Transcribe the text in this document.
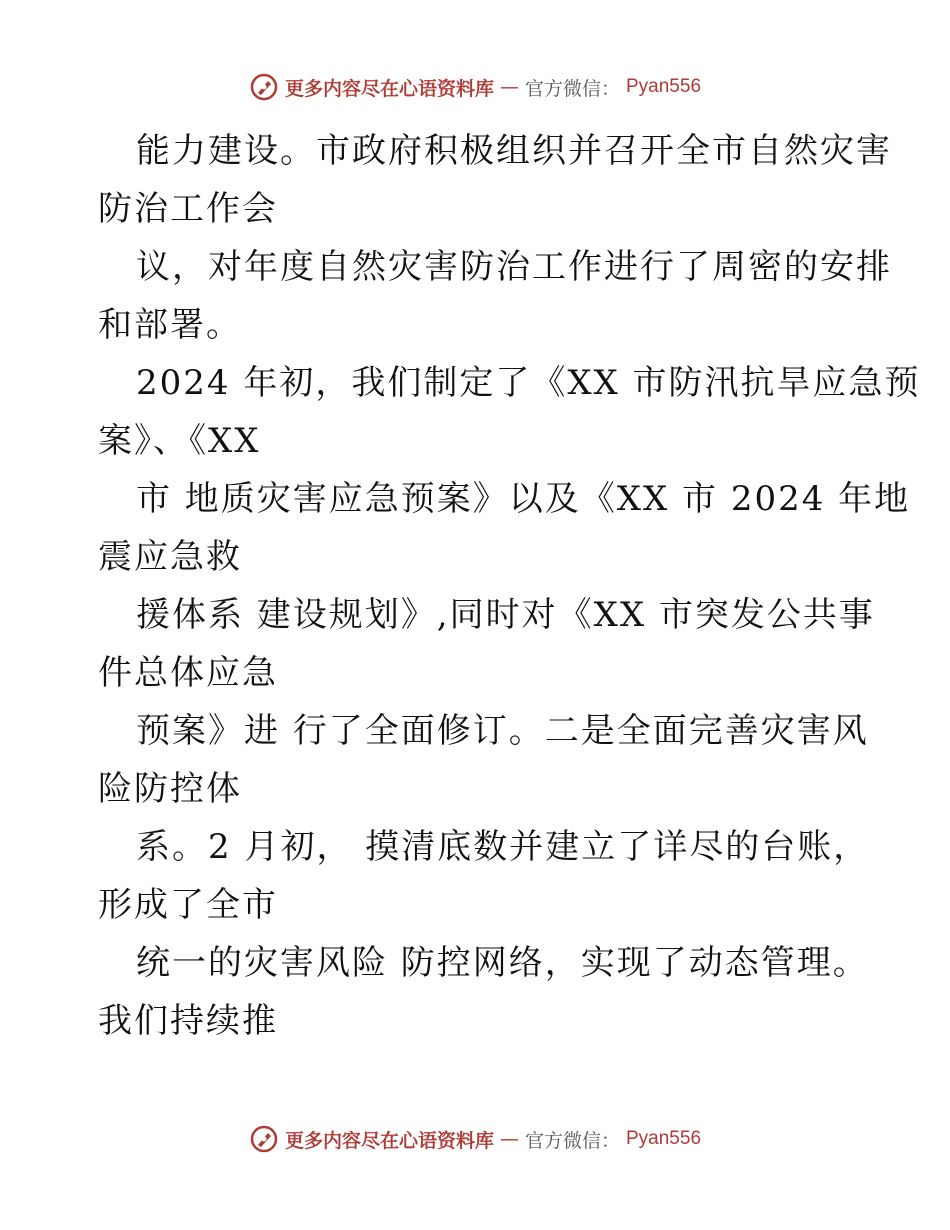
更多内容尽在心语资料库 — 官方微信： Pyan556
能力建设。市政府积极组织并召开全市自然灾害
防治工作会
议，对年度自然灾害防治工作进行了周密的安排
和部署。
2024 年初，我们制定了《XX 市防汛抗旱应急预
案》、《XX
市 地质灾害应急预案》以及《XX 市 2024 年地
震应急救
援体系 建设规划》,同时对《XX 市突发公共事
件总体应急
预案》进 行了全面修订。二是全面完善灾害风
险防控体
系。2 月初， 摸清底数并建立了详尽的台账，
形成了全市
统一的灾害风险 防控网络，实现了动态管理。
我们持续推
更多内容尽在心语资料库 — 官方微信： Pyan556
